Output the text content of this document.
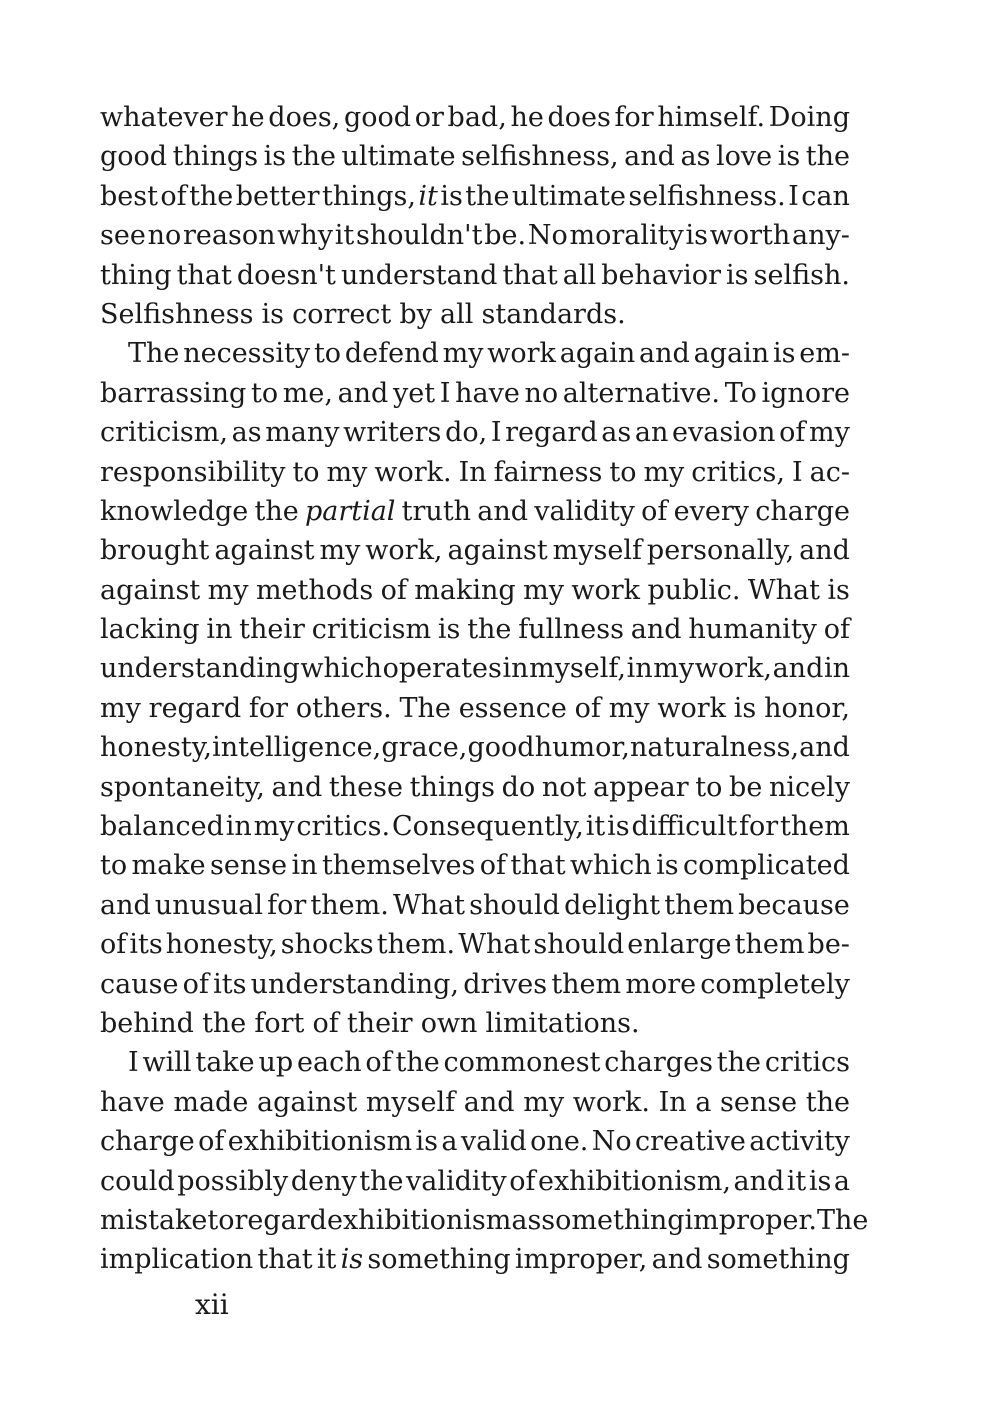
whatever he does, good or bad, he does for himself. Doing
good things is the ultimate selfishness, and as love is the
best of the better things, it is the ultimate selfishness. I can
see no reason why it shouldn't be. No morality is worth any-
thing that doesn't understand that all behavior is selfish.
Selfishness is correct by all standards.
The necessity to defend my work again and again is em-
barrassing to me, and yet I have no alternative. To ignore
criticism, as many writers do, I regard as an evasion of my
responsibility to my work. In fairness to my critics, I ac-
knowledge the partial truth and validity of every charge
brought against my work, against myself personally, and
against my methods of making my work public. What is
lacking in their criticism is the fullness and humanity of
understanding which operates in myself, in my work, and in
my regard for others. The essence of my work is honor,
honesty, intelligence, grace, good humor, naturalness, and
spontaneity, and these things do not appear to be nicely
balanced in my critics. Consequently, it is difficult for them
to make sense in themselves of that which is complicated
and unusual for them. What should delight them because
of its honesty, shocks them. What should enlarge them be-
cause of its understanding, drives them more completely
behind the fort of their own limitations.
I will take up each of the commonest charges the critics
have made against myself and my work. In a sense the
charge of exhibitionism is a valid one. No creative activity
could possibly deny the validity of exhibitionism, and it is a
mistake to regard exhibitionism as something improper. The
implication that it is something improper, and something
xii
